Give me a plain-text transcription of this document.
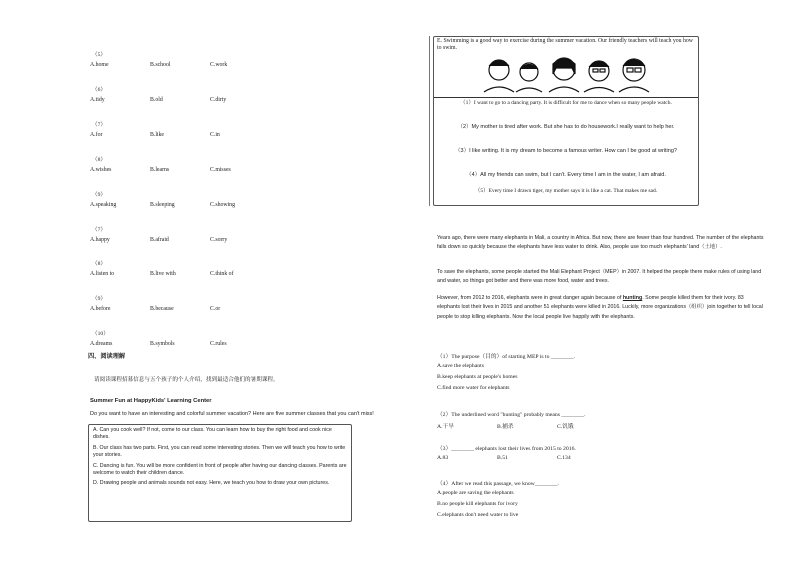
（5）
A.home	B.school	C.work
（6）
A.tidy	B.old	C.dirty
（7）
A.for	B.like	C.in
（8）
A.wishes	B.learns	C.misses
（9）
A.speaking	B.sleeping	C.showing
（7）
A.happy	B.afraid	C.sorry
（8）
A.listen to	B.live with	C.think of
（9）
A.before	B.because	C.or
（10）
A.dreams	B.symbols	C.rules
四、阅读理解
请阅读课程招募信息与五个孩子的个人介绍，找到最适合他们的暑期课程。
Summer Fun at HappyKids' Learning Center
Do you want to have an interesting and colorful summer vacation? Here are five summer classes that you can't miss!

A. Can you cook well? If not, come to our class. You can learn how to buy the right food and cook nice dishes.

B. Our class has two parts. First, you can read some interesting stories. Then we will teach you how to write your stories.

C. Dancing is fun. You will be more confident in front of people after having our dancing classes. Parents are welcome to watch their children dance.

D. Drawing people and animals sounds not easy. Here, we teach you how to draw your own pictures.

E. Swimming is a good way to exercise during the summer vacation. Our friendly teachers will teach you how to swim.
（1）I want to go to a dancing party. It is difficult for me to dance when so many people watch.
（2）My mother is tired after work. But she has to do housework.I really want to help her.
（3）I like writing. It is my dream to become a famous writer. How can I be good at writing?
（4）All my friends can swim, but I can't. Every time I am in the water, I am afraid.
（5）Every time I drawn tiger, my mother says it is like a cat. That makes me sad.
Years ago, there were many elephants in Mali, a country in Africa. But now, there are fewer than four hundred. The number of the elephants falls down so quickly because the elephants have less water to drink. Also, people use too much elephants' land（土地）.
To save the elephants, some people started the Mali Elephant Project（MEP）in 2007. It helped the people there make rules of using land and water, so things got better and there was more food, water and trees.
However, from 2012 to 2016, elephants were in great danger again because of hunting. Some people killed them for their ivory. 83 elephants lost their lives in 2015 and another 51 elephants were killed in 2016. Luckily, more organizations（组织）join together to tell local people to stop killing elephants. Now the local people live happily with the elephants.
（1）The purpose（目的）of starting MEP is to ________.
A.save the elephants
B.keep elephants at people's homes
C.find more water for elephants
（2）The underlined word "hunting" probably means ________.
A.干旱	B.捕杀	C.饥饿
（3）________ elephants lost their lives from 2015 to 2016.
A.83	B.51	C.134
（4）After we read this passage, we know________.
A.people are saving the elephants
B.no people kill elephants for ivory
C.elephants don't need water to live
